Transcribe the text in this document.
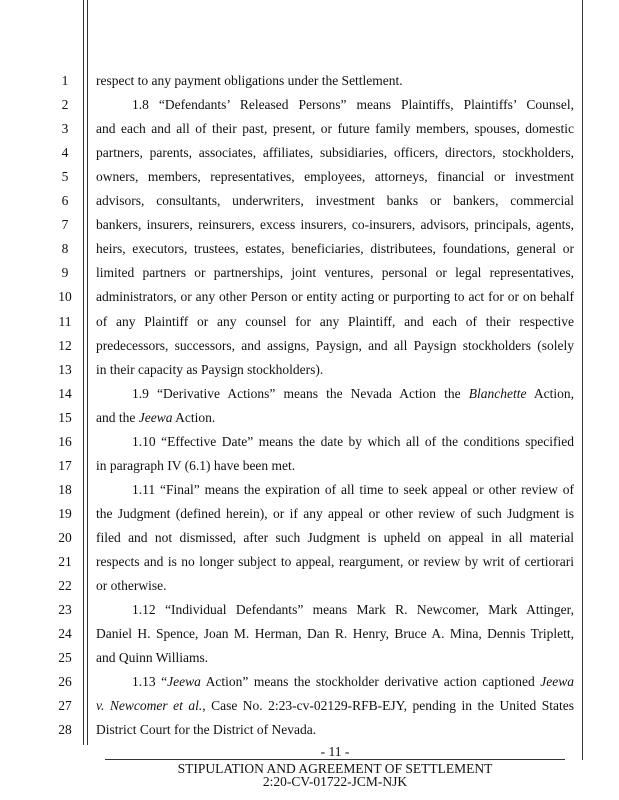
1
2
3
4
5
6
7
8
9
10
11
12
13
14
15
16
17
18
19
20
21
22
23
24
25
26
27
28
respect to any payment obligations under the Settlement.
1.8 “Defendants’ Released Persons” means Plaintiffs, Plaintiffs’ Counsel,
and each and all of their past, present, or future family members, spouses, domestic
partners, parents, associates, affiliates, subsidiaries, officers, directors, stockholders,
owners, members, representatives, employees, attorneys, financial or investment
advisors, consultants, underwriters, investment banks or bankers, commercial
bankers, insurers, reinsurers, excess insurers, co-insurers, advisors, principals, agents,
heirs, executors, trustees, estates, beneficiaries, distributees, foundations, general or
limited partners or partnerships, joint ventures, personal or legal representatives,
administrators, or any other Person or entity acting or purporting to act for or on behalf
of any Plaintiff or any counsel for any Plaintiff, and each of their respective
predecessors, successors, and assigns, Paysign, and all Paysign stockholders (solely
in their capacity as Paysign stockholders).
1.9 “Derivative Actions” means the Nevada Action the Blanchette Action,
and the Jeewa Action.
1.10 “Effective Date” means the date by which all of the conditions specified
in paragraph IV (6.1) have been met.
1.11 “Final” means the expiration of all time to seek appeal or other review of
the Judgment (defined herein), or if any appeal or other review of such Judgment is
filed and not dismissed, after such Judgment is upheld on appeal in all material
respects and is no longer subject to appeal, reargument, or review by writ of certiorari
or otherwise.
1.12 “Individual Defendants” means Mark R. Newcomer, Mark Attinger,
Daniel H. Spence, Joan M. Herman, Dan R. Henry, Bruce A. Mina, Dennis Triplett,
and Quinn Williams.
1.13 “Jeewa Action” means the stockholder derivative action captioned Jeewa
v. Newcomer et al., Case No. 2:23-cv-02129-RFB-EJY, pending in the United States
District Court for the District of Nevada.
- 11 -
STIPULATION AND AGREEMENT OF SETTLEMENT
2:20-CV-01722-JCM-NJK
